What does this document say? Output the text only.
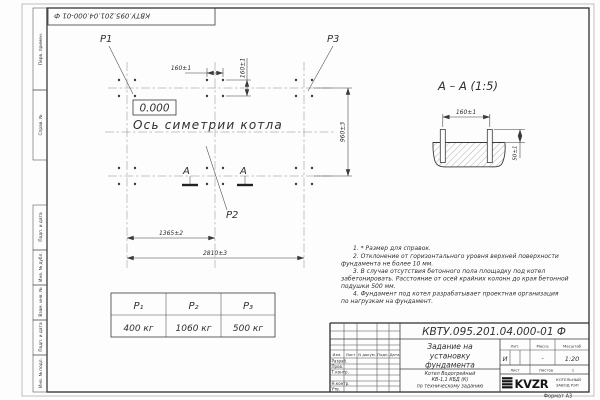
Перв. примен.
Справ. №
Подп. и дата
Инв. № дубл.
Взам. инв. №
Подп. и дата
Инв. № подл.
КВТУ.095.201.04.000-01 Ф
160±1	160±1
960±3
1365±2
2810±3
P1	P3
P2
0.000
Ось симетрии котла
А	А
А – А (1:5)
160±1
50±1
Р₁	Р₂	Р₃
400 кг 1060 кг 500 кг
1. * Размер для справок.
2. Отклонение от горизонтального уровня верхней поверхности
фундамента не более 10 мм.
3. В случае отсутствия бетонного пола площадку под котел
забетонировать. Расстояние от осей крайних колонн до края бетонной
подушки 500 мм.
4. Фундамент под котел разрабатывает проектная организация
по нагрузкам на фундамент.
КВТУ.095.201.04.000-01 Ф
Изм. Лист N докум. Подп. Дата
Разраб.
Пров.
Т.контр.
Н.контр.
Утв.
Задание на
установку
фундамента
Котел Водогрейный
КВ-1,1 КБД (К)
по техническому заданию
Лит.	Масса	Масштаб
И	-	1:20
Лист	Листов	1
KVZR КОТЕЛЬНЫЙ
ЗАВОД РЭП
Формат А3
